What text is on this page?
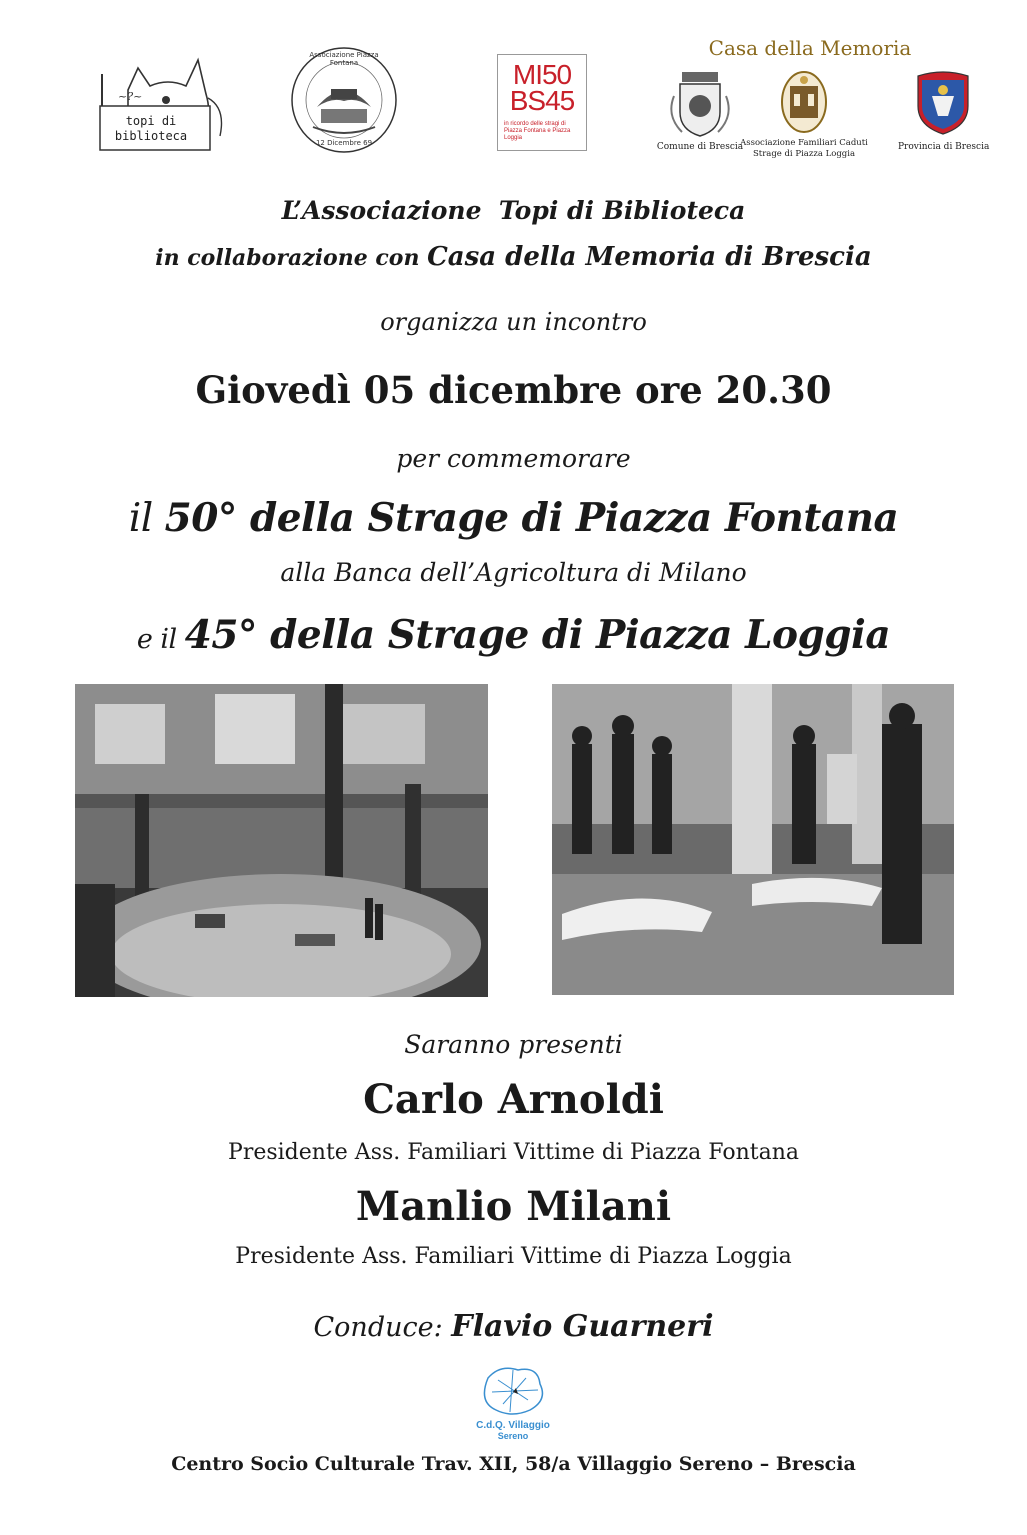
~?~
topi di biblioteca
Associazione Piazza Fontana
12 Dicembre 69
MI50
BS45
in ricordo delle stragi di Piazza Fontana e Piazza Loggia
Casa della Memoria
Comune di Brescia
Associazione Familiari Caduti
Strage di Piazza Loggia
Provincia di Brescia
L’Associazione  Topi di Biblioteca
in collaborazione con Casa della Memoria di Brescia
organizza un incontro
Giovedì 05 dicembre ore 20.30
per commemorare
il 50° della Strage di Piazza Fontana
alla Banca dell’Agricoltura di Milano
e il 45° della Strage di Piazza Loggia
Saranno presenti
Carlo Arnoldi
Presidente Ass. Familiari Vittime di Piazza Fontana
Manlio Milani
Presidente Ass. Familiari Vittime di Piazza Loggia
Conduce: Flavio Guarneri
C.d.Q. Villaggio
Sereno
Centro Socio Culturale Trav. XII, 58/a Villaggio Sereno – Brescia
